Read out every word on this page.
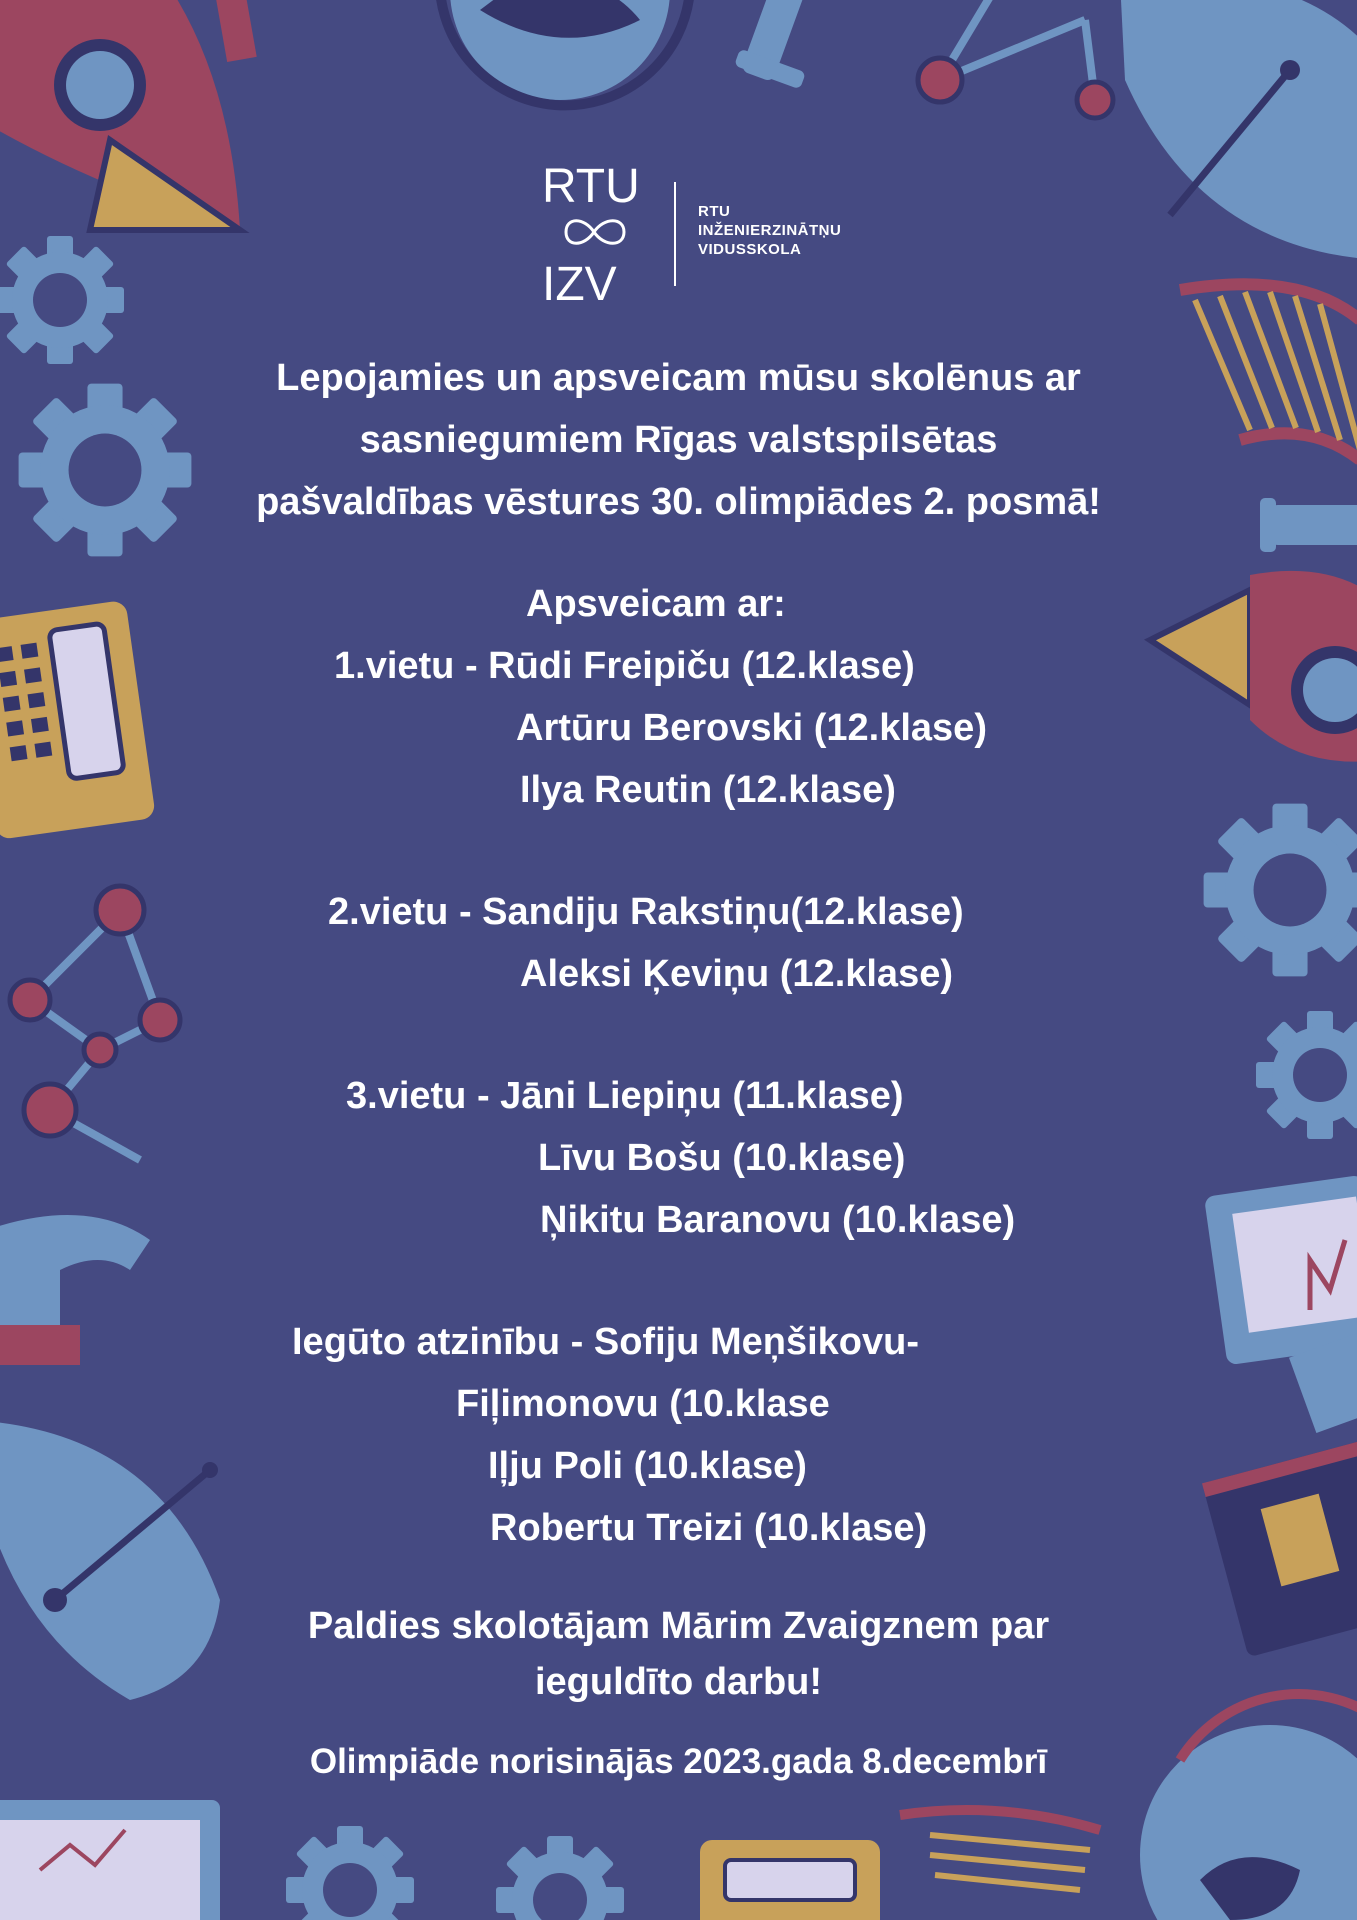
RTU
IZV
RTU
INŽENIERZINĀTŅU
VIDUSSKOLA
Lepojamies un apsveicam mūsu skolēnus ar
sasniegumiem Rīgas valstspilsētas
pašvaldības vēstures 30. olimpiādes 2. posmā!
Apsveicam ar:
1.vietu - Rūdi Freipiču (12.klase)
Artūru Berovski (12.klase)
Ilya Reutin (12.klase)
2.vietu - Sandiju Rakstiņu(12.klase)
Aleksi Ķeviņu (12.klase)
3.vietu - Jāni Liepiņu (11.klase)
Līvu Bošu (10.klase)
Ņikitu Baranovu (10.klase)
Iegūto atzinību - Sofiju Meņšikovu-
Fiļimonovu (10.klase
Iļju Poli (10.klase)
Robertu Treizi (10.klase)
Paldies skolotājam Mārim Zvaigznem par
ieguldīto darbu!
Olimpiāde norisinājās 2023.gada 8.decembrī
